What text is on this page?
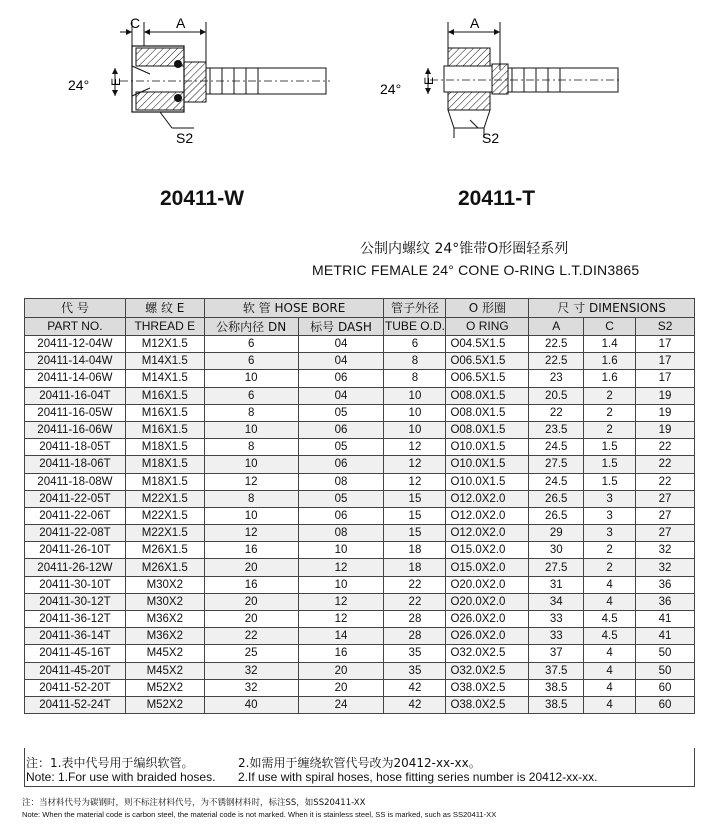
C	A
E
24°
S2
20411-W
A
E
24°
S2
20411-T
公制内螺纹 24°锥带O形圈轻系列
METRIC FEMALE 24° CONE O-RING L.T.DIN3865
代 号	螺 纹 E	软 管 HOSE BORE		管子外径	O 形圈	尺 寸 DIMENSIONS		
PART NO.	THREAD E	公称内径 DN	标号 DASH	TUBE O.D.	O RING	A	C	S2
20411-12-04W	M12X1.5	6	04	6	O04.5X1.5	22.5	1.4	17
20411-14-04W	M14X1.5	6	04	8	O06.5X1.5	22.5	1.6	17
20411-14-06W	M14X1.5	10	06	8	O06.5X1.5	23	1.6	17
20411-16-04T	M16X1.5	6	04	10	O08.0X1.5	20.5	2	19
20411-16-05W	M16X1.5	8	05	10	O08.0X1.5	22	2	19
20411-16-06W	M16X1.5	10	06	10	O08.0X1.5	23.5	2	19
20411-18-05T	M18X1.5	8	05	12	O10.0X1.5	24.5	1.5	22
20411-18-06T	M18X1.5	10	06	12	O10.0X1.5	27.5	1.5	22
20411-18-08W	M18X1.5	12	08	12	O10.0X1.5	24.5	1.5	22
20411-22-05T	M22X1.5	8	05	15	O12.0X2.0	26.5	3	27
20411-22-06T	M22X1.5	10	06	15	O12.0X2.0	26.5	3	27
20411-22-08T	M22X1.5	12	08	15	O12.0X2.0	29	3	27
20411-26-10T	M26X1.5	16	10	18	O15.0X2.0	30	2	32
20411-26-12W	M26X1.5	20	12	18	O15.0X2.0	27.5	2	32
20411-30-10T	M30X2	16	10	22	O20.0X2.0	31	4	36
20411-30-12T	M30X2	20	12	22	O20.0X2.0	34	4	36
20411-36-12T	M36X2	20	12	28	O26.0X2.0	33	4.5	41
20411-36-14T	M36X2	22	14	28	O26.0X2.0	33	4.5	41
20411-45-16T	M45X2	25	16	35	O32.0X2.5	37	4	50
20411-45-20T	M45X2	32	20	35	O32.0X2.5	37.5	4	50
20411-52-20T	M52X2	32	20	42	O38.0X2.5	38.5	4	60
20411-52-24T	M52X2	40	24	42	O38.0X2.5	38.5	4	60
注：1.表中代号用于编织软管。	2.如需用于缠绕软管代号改为20412-xx-xx。
Note: 1.For use with braided hoses. 2.If use with spiral hoses, hose fitting series number is 20412-xx-xx.
注：当材料代号为碳钢时，则不标注材料代号，为不锈钢材料时，标注SS，如SS20411-XX
Note: When the material code is carbon steel, the material code is not marked. When it is stainless steel, SS is marked, such as SS20411-XX
